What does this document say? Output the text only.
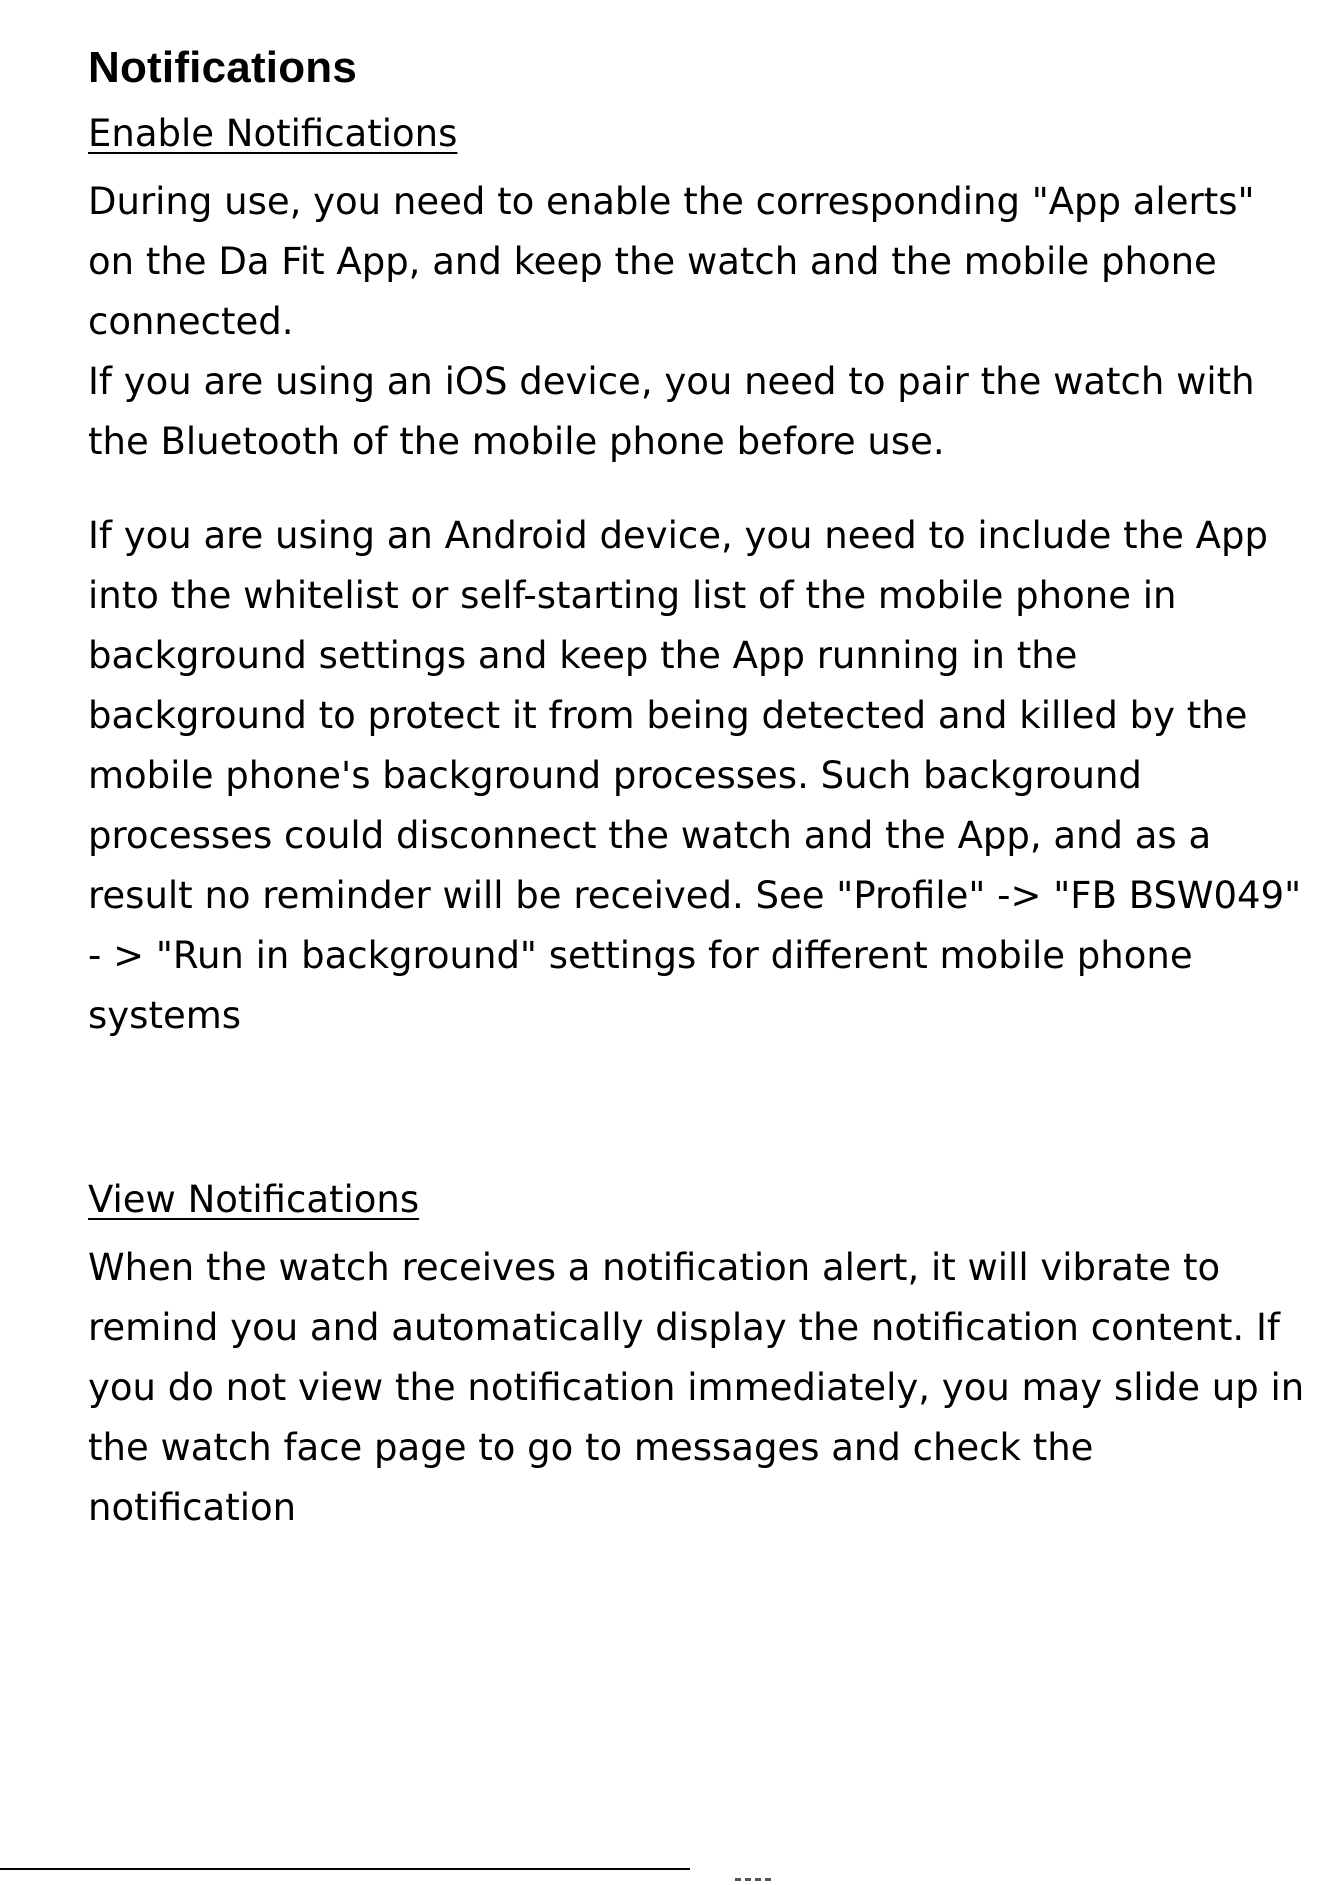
Notifications
Enable Notifications

During use, you need to enable the corresponding "App alerts"
on the Da Fit App, and keep the watch and the mobile phone
connected.

If you are using an iOS device, you need to pair the watch with
the Bluetooth of the mobile phone before use.

If you are using an Android device, you need to include the App
into the whitelist or self-starting list of the mobile phone in
background settings and keep the App running in the
background to protect it from being detected and killed by the
mobile phone's background processes. Such background
processes could disconnect the watch and the App, and as a
result no reminder will be received. See "Profile" -> "FB BSW049"
- > "Run in background" settings for different mobile phone
systems

View Notifications

When the watch receives a notification alert, it will vibrate to
remind you and automatically display the notification content. If
you do not view the notification immediately, you may slide up in
the watch face page to go to messages and check the
notification
